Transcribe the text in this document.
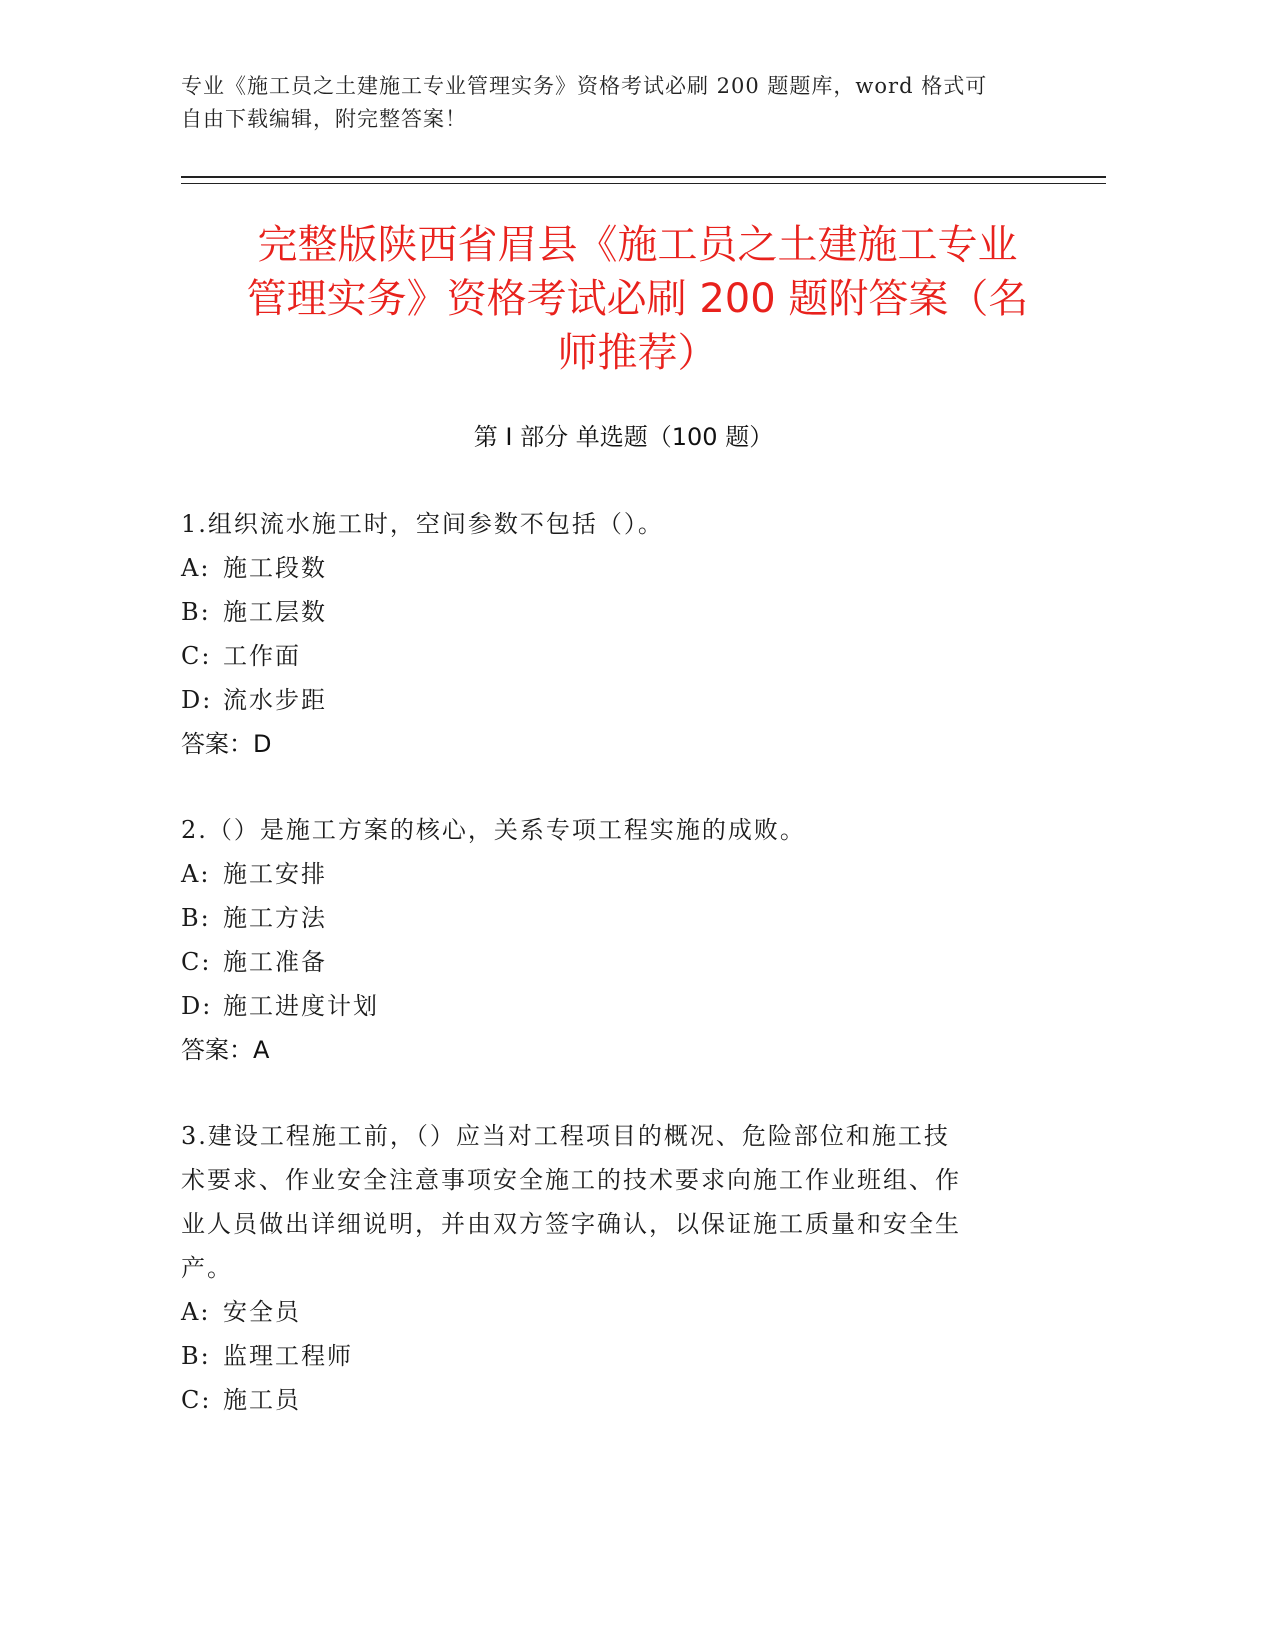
专业《施工员之土建施工专业管理实务》资格考试必刷 200 题题库，word 格式可
自由下载编辑，附完整答案！
完整版陕西省眉县《施工员之土建施工专业
管理实务》资格考试必刷 200 题附答案（名
师推荐）
第 I 部分 单选题（100 题）

1.组织流水施工时，空间参数不包括（）。

A: 施工段数

B: 施工层数

C: 工作面

D: 流水步距

答案：D

2.（）是施工方案的核心，关系专项工程实施的成败。

A: 施工安排

B: 施工方法

C: 施工准备

D: 施工进度计划

答案：A

3.建设工程施工前，（）应当对工程项目的概况、危险部位和施工技

术要求、作业安全注意事项安全施工的技术要求向施工作业班组、作

业人员做出详细说明，并由双方签字确认，以保证施工质量和安全生

产。

A: 安全员

B: 监理工程师

C: 施工员
